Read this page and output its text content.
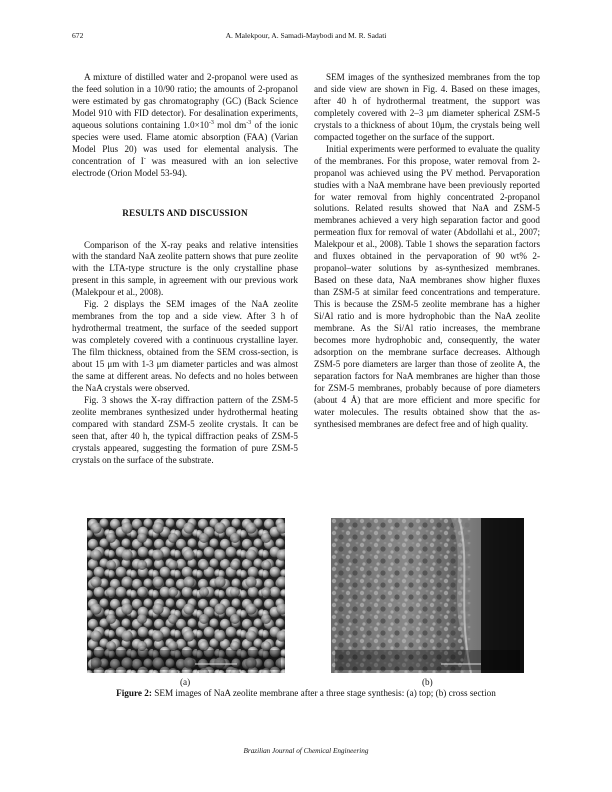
672	A. Malekpour, A. Samadi-Maybodi and M. R. Sadati

A mixture of distilled water and 2-propanol were used as the feed solution in a 10/90 ratio; the amounts of 2-propanol were estimated by gas chromatography (GC) (Back Science Model 910 with FID detector). For desalination experiments, aqueous solutions containing $1.0\times 10^{-3}$ mol $dm^{-3}$ of the ionic species were used. Flame atomic absorption (FAA) (Varian Model Plus 20) was used for elemental analysis. The concentration of I- was measured with an ion selective electrode (Orion Model 53-94).

RESULTS AND DISCUSSION

Comparison of the X-ray peaks and relative intensities with the standard NaA zeolite pattern shows that pure zeolite with the LTA-type structure is the only crystalline phase present in this sample, in agreement with our previous work (Malekpour et al., 2008).

Fig. 2 displays the SEM images of the NaA zeolite membranes from the top and a side view. After 3 h of hydrothermal treatment, the surface of the seeded support was completely covered with a continuous crystalline layer. The film thickness, obtained from the SEM cross-section, is about 15 μm with 1-3 μm diameter particles and was almost the same at different areas. No defects and no holes between the NaA crystals were observed.

Fig. 3 shows the X-ray diffraction pattern of the ZSM-5 zeolite membranes synthesized under hydrothermal heating compared with standard ZSM-5 zeolite crystals. It can be seen that, after 40 h, the typical diffraction peaks of ZSM-5 crystals appeared, suggesting the formation of pure ZSM-5 crystals on the surface of the substrate.

SEM images of the synthesized membranes from the top and side view are shown in Fig. 4. Based on these images, after 40 h of hydrothermal treatment, the support was completely covered with 2–3 μm diameter spherical ZSM-5 crystals to a thickness of about 10μm, the crystals being well compacted together on the surface of the support.

Initial experiments were performed to evaluate the quality of the membranes. For this propose, water removal from 2-propanol was achieved using the PV method. Pervaporation studies with a NaA membrane have been previously reported for water removal from highly concentrated 2-propanol solutions. Related results showed that NaA and ZSM-5 membranes achieved a very high separation factor and good permeation flux for removal of water (Abdollahi et al., 2007; Malekpour et al., 2008). Table 1 shows the separation factors and fluxes obtained in the pervaporation of 90 wt% 2-propanol–water solutions by as-synthesized membranes. Based on these data, NaA membranes show higher fluxes than ZSM-5 at similar feed concentrations and temperature. This is because the ZSM-5 zeolite membrane has a higher Si/Al ratio and is more hydrophobic than the NaA zeolite membrane. As the Si/Al ratio increases, the membrane becomes more hydrophobic and, consequently, the water adsorption on the membrane surface decreases. Although ZSM-5 pore diameters are larger than those of zeolite A, the separation factors for NaA membranes are higher than those for ZSM-5 membranes, probably because of pore diameters (about 4 Å) that are more efficient and more specific for water molecules. The results obtained show that the as-synthesised membranes are defect free and of high quality.

(a)	(b)
Figure 2: SEM images of NaA zeolite membrane after a three stage synthesis: (a) top; (b) cross section
Brazilian Journal of Chemical Engineering
